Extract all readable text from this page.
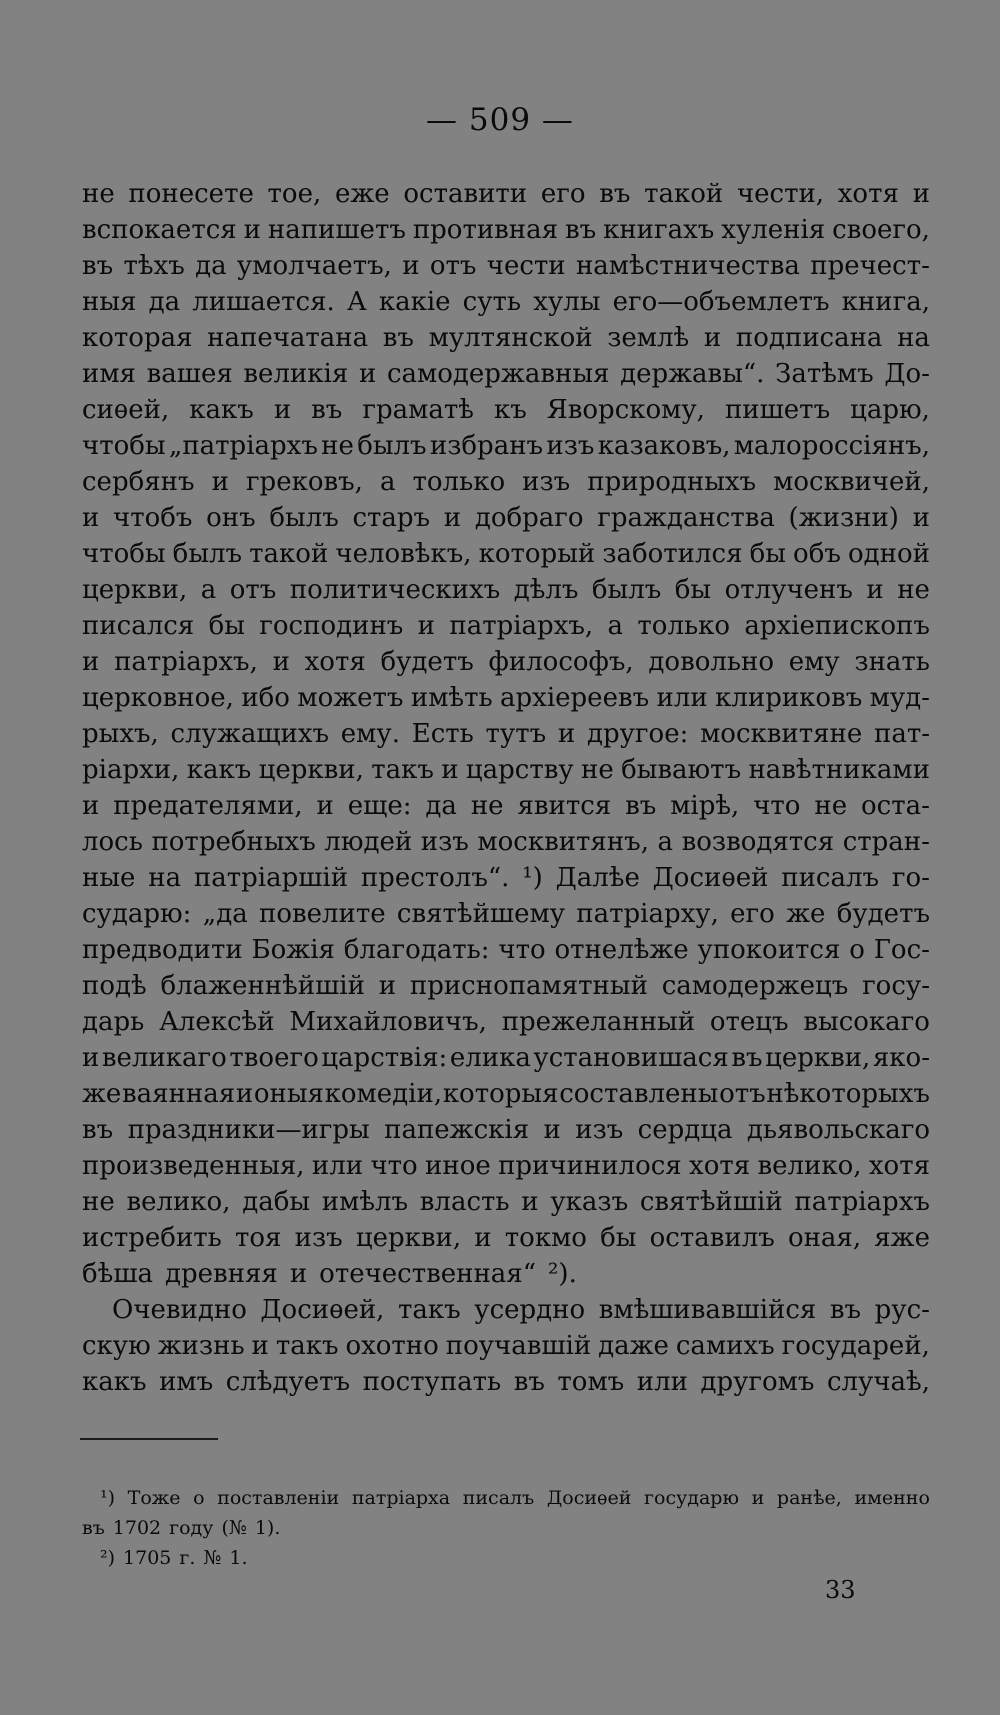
— 509 —
не понесете тое, еже оставити его въ такой чести, хотя и
вспокается и напишетъ противная въ книгахъ хуленія своего,
въ тѣхъ да умолчаетъ, и отъ чести намѣстничества пречест-
ныя да лишается. А какіе суть хулы его—объемлетъ книга,
которая напечатана въ мултянской землѣ и подписана на
имя вашея великія и самодержавныя державы“. Затѣмъ До-
сиѳей, какъ и въ граматѣ къ Яворскому, пишетъ царю,
чтобы „патріархъ не былъ избранъ изъ казаковъ, малороссіянъ,
сербянъ и грековъ, а только изъ природныхъ москвичей,
и чтобъ онъ былъ старъ и добраго гражданства (жизни) и
чтобы былъ такой человѣкъ, который заботился бы объ одной
церкви, а отъ политическихъ дѣлъ былъ бы отлученъ и не
писался бы господинъ и патріархъ, а только архіепископъ
и патріархъ, и хотя будетъ философъ, довольно ему знать
церковное, ибо можетъ имѣть архіереевъ или клириковъ муд-
рыхъ, служащихъ ему. Есть тутъ и другое: москвитяне пат-
ріархи, какъ церкви, такъ и царству не бываютъ навѣтниками
и предателями, и еще: да не явится въ мірѣ, что не оста-
лось потребныхъ людей изъ москвитянъ, а возводятся стран-
ные на патріаршій престолъ“. ¹) Далѣе Досиѳей писалъ го-
сударю: „да повелите святѣйшему патріарху, его же будетъ
предводити Божія благодать: что отнелѣже упокоится о Гос-
подѣ блаженнѣйшій и приснопамятный самодержецъ госу-
дарь Алексѣй Михайловичъ, прежеланный отецъ высокаго
и великаго твоего царствія: елика установишася въ церкви, яко-
же ваянная и оныя комедіи, которыя составлены отъ нѣкоторыхъ
въ праздники—игры папежскія и изъ сердца дьявольскаго
произведенныя, или что иное причинилося хотя велико, хотя
не велико, дабы имѣлъ власть и указъ святѣйшій патріархъ
истребить тоя изъ церкви, и токмо бы оставилъ оная, яже
бѣша древняя и отечественная“ ²).
Очевидно Досиѳей, такъ усердно вмѣшивавшійся въ рус-
скую жизнь и такъ охотно поучавшій даже самихъ государей,
какъ имъ слѣдуетъ поступать въ томъ или другомъ случаѣ,
¹) Тоже о поставленіи патріарха писалъ Досиѳей государю и ранѣе, именно
въ 1702 году (№ 1).
²) 1705 г. № 1.
33
